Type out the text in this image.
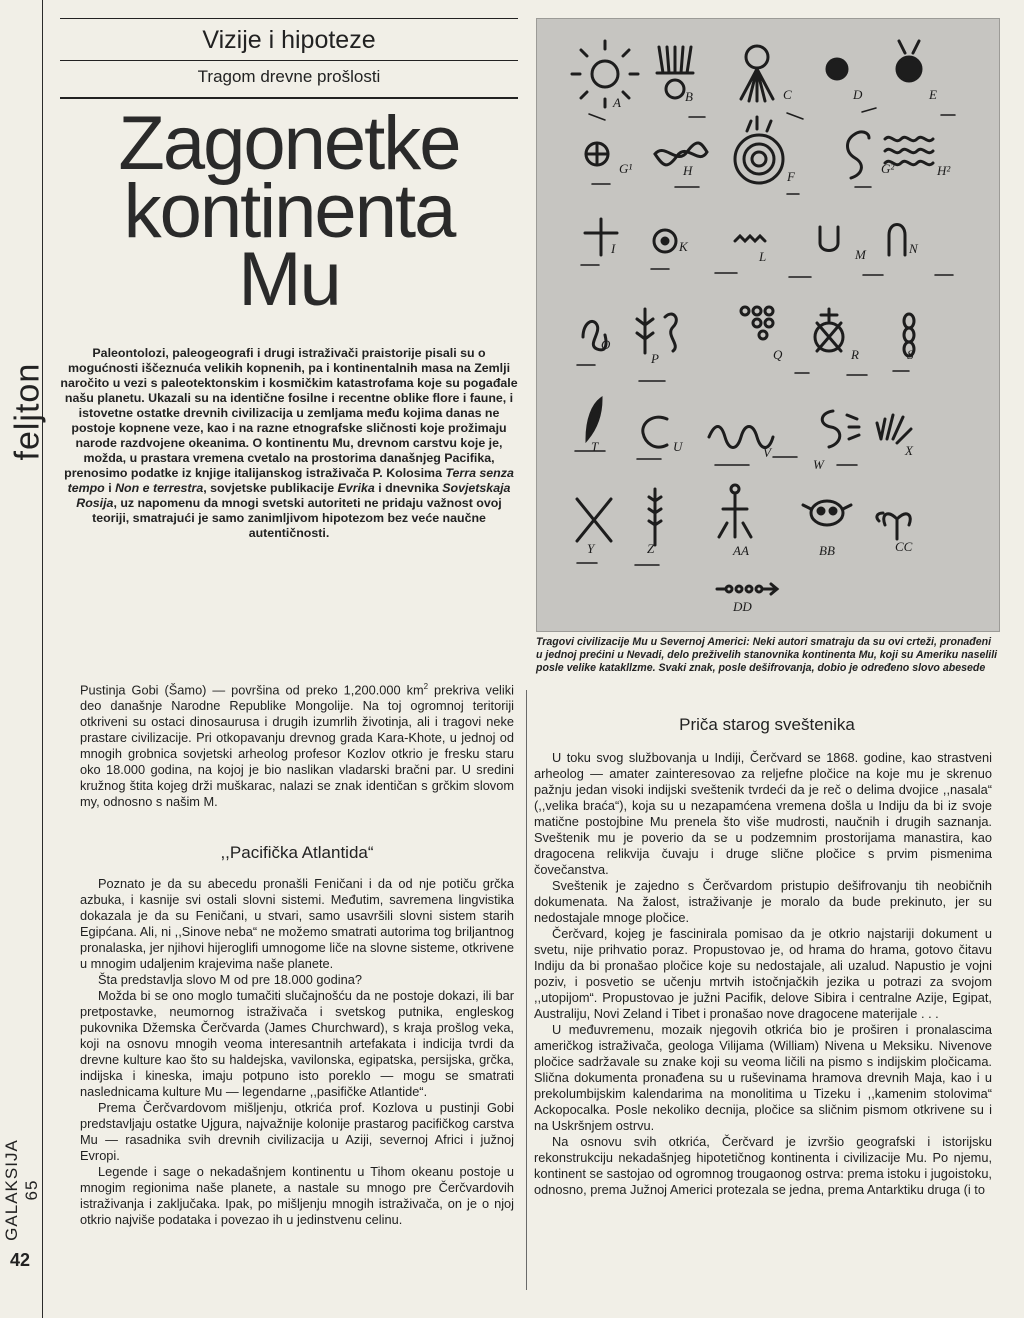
feljton
GALAKSIJA 65
42
Vizije i hipoteze
Tragom drevne prošlosti
Zagonetke
kontinenta
Mu
Paleontolozi, paleogeografi i drugi istraživači praistorije pisali su o mogućnosti iščeznuća velikih kopnenih, pa i kontinentalnih masa na Zemlji naročito u vezi s paleotektonskim i kosmičkim katastrofama koje su pogađale našu planetu. Ukazali su na identične fosilne i recentne oblike flore i faune, i istovetne ostatke drevnih civilizacija u zemljama među kojima danas ne postoje kopnene veze, kao i na razne etnografske sličnosti koje prožimaju narode razdvojene okeanima. O kontinentu Mu, drevnom carstvu koje je, možda, u prastara vremena cvetalo na prostorima današnjeg Pacifika, prenosimo podatke iz knjige italijanskog istraživača P. Kolosima Terra senza tempo i Non e terrestra, sovjetske publikacije Evrika i dnevnika Sovjetskaja Rosija, uz napomenu da mnogi svetski autoriteti ne pridaju važnost ovoj teoriji, smatrajući je samo zanimljivom hipotezom bez veće naučne autentičnosti.
A	B	C	D	E
G¹	H	F
G²	H²
I	K
L	M	N
O
P	Q	R	S
T	U	V
W
X
Y	Z	AA	BB	CC
DD
Tragovi civilizacije Mu u Severnoj Americi: Neki autori smatraju da su ovi crteži, pronađeni u jednoj prećini u Nevadi, delo preživelih stanovnika kontinenta Mu, koji su Ameriku naselili posle velike katakllzme. Svaki znak, posle dešifrovanja, dobio je određeno slovo abesede

Pustinja Gobi (Šamo) — površina od preko 1,200.000 $km^2$ prekriva veliki deo današnje Narodne Republike Mongolije. Na toj ogromnoj teritoriji otkriveni su ostaci dinosaurusa i drugih izumrlih životinja, ali i tragovi neke prastare civilizacije. Pri otkopavanju drevnog grada Kara-Khote, u jednoj od mnogih grobnica sovjetski arheolog profesor Kozlov otkrio je fresku staru oko 18.000 godina, na kojoj je bio naslikan vladarski bračni par. U sredini kružnog štita kojeg drži muškarac, nalazi se znak identičan s grčkim slovom my, odnosno s našim M.

,,Pacifička Atlantida“

Poznato je da su abecedu pronašli Feničani i da od nje potiču grčka azbuka, i kasnije svi ostali slovni sistemi. Međutim, savremena lingvistika dokazala je da su Feničani, u stvari, samo usavršili slovni sistem starih Egipćana. Ali, ni ,,Sinove neba“ ne možemo smatrati autorima tog briljantnog pronalaska, jer njihovi hijeroglifi umnogome liče na slovne sisteme, otkrivene u mnogim udaljenim krajevima naše planete.

Šta predstavlja slovo M od pre 18.000 godina?

Možda bi se ono moglo tumačiti slučajnošću da ne postoje dokazi, ili bar pretpostavke, neumornog istraživača i svetskog putnika, engleskog pukovnika Džemska Čerčvarda (James Churchward), s kraja prošlog veka, koji na osnovu mnogih veoma interesantnih artefakata i indicija tvrdi da drevne kulture kao što su haldejska, vavilonska, egipatska, persijska, grčka, indijska i kineska, imaju potpuno isto poreklo — mogu se smatrati naslednicama kulture Mu — legendarne ,,pasifičke Atlantide“.

Prema Čerčvardovom mišljenju, otkrića prof. Kozlova u pustinji Gobi predstavljaju ostatke Ujgura, najvažnije kolonije prastarog pacifičkog carstva Mu — rasadnika svih drevnih civilizacija u Aziji, severnoj Africi i južnoj Evropi.

Legende i sage o nekadašnjem kontinentu u Tihom okeanu postoje u mnogim regionima naše planete, a nastale su mnogo pre Čerčvardovih istraživanja i zaključaka. Ipak, po mišljenju mnogih istraživača, on je o njoj otkrio najviše podataka i povezao ih u jedinstvenu celinu.

Priča starog sveštenika

U toku svog službovanja u Indiji, Čerčvard se 1868. godine, kao strastveni arheolog — amater zainteresovao za reljefne pločice na koje mu je skrenuo pažnju jedan visoki indijski sveštenik tvrdeći da je reč o delima dvojice ,,nasala“ (,,velika braća“), koja su u nezapamćena vremena došla u Indiju da bi iz svoje matične postojbine Mu prenela što više mudrosti, naučnih i drugih saznanja. Sveštenik mu je poverio da se u podzemnim prostorijama manastira, kao dragocena relikvija čuvaju i druge slične pločice s prvim pismenima čovečanstva.

Sveštenik je zajedno s Čerčvardom pristupio dešifrovanju tih neobičnih dokumenata. Na žalost, istraživanje je moralo da bude prekinuto, jer su nedostajale mnoge pločice.

Čerčvard, kojeg je fascinirala pomisao da je otkrio najstariji dokument u svetu, nije prihvatio poraz. Propustovao je, od hrama do hrama, gotovo čitavu Indiju da bi pronašao pločice koje su nedostajale, ali uzalud. Napustio je vojni poziv, i posvetio se učenju mrtvih istočnjačkih jezika u potrazi za svojom ,,utopijom“. Propustovao je južni Pacifik, delove Sibira i centralne Azije, Egipat, Australiju, Novi Zeland i Tibet i pronašao nove dragocene materijale . . .

U međuvremenu, mozaik njegovih otkrića bio je proširen i pronalascima američkog istraživača, geologa Vilijama (William) Nivena u Meksiku. Nivenove pločice sadržavale su znake koji su veoma ličili na pismo s indijskim pločicama. Slična dokumenta pronađena su u ruševinama hramova drevnih Maja, kao i u prekolumbijskim kalendarima na monolitima u Tizeku i ,,kamenim stolovima“ Ackopocalka. Posle nekoliko decnija, pločice sa sličnim pismom otkrivene su i na Uskršnjem ostrvu.

Na osnovu svih otkrića, Čerčvard je izvršio geografski i istorijsku rekonstrukciju nekadašnjeg hipotetičnog kontinenta i civilizacije Mu. Po njemu, kontinent se sastojao od ogromnog trougaonog ostrva: prema istoku i jugoistoku, odnosno, prema Južnoj Americi protezala se jedna, prema Antarktiku druga (i to
